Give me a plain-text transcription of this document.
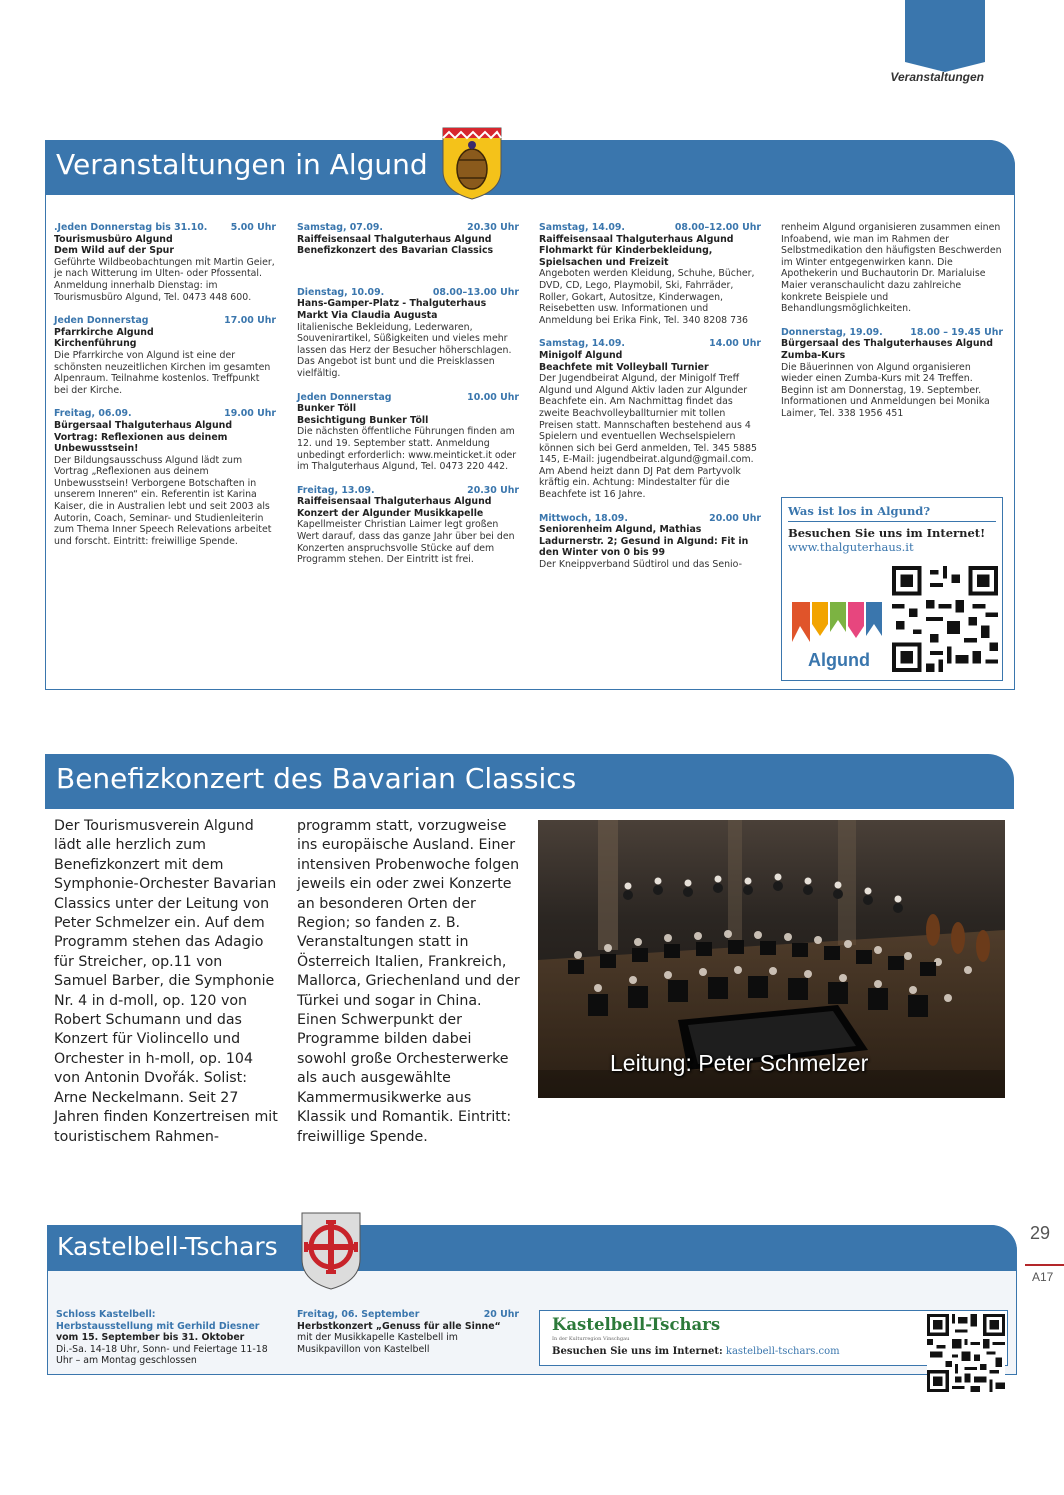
Veranstaltungen
Veranstaltungen in Algund
.Jeden Donnerstag bis 31.10. 5.00 Uhr
Tourismusbüro Algund
Dem Wild auf der Spur
Geführte Wildbeobachtungen mit Martin Geier, je nach Witterung im Ulten- oder Pfossental. Anmeldung innerhalb Dienstag: im Tourismusbüro Algund, Tel. 0473 448 600.
Jeden Donnerstag	17.00 Uhr
Pfarrkirche Algund
Kirchenführung
Die Pfarrkirche von Algund ist eine der schönsten neuzeitlichen Kirchen im gesamten Alpenraum. Teilnahme kostenlos. Treffpunkt bei der Kirche.
Freitag, 06.09.	19.00 Uhr
Bürgersaal Thalguterhaus Algund
Vortrag: Reflexionen aus deinem Unbewusstsein!
Der Bildungsausschuss Algund lädt zum Vortrag „Reflexionen aus deinem Unbewusstsein! Verborgene Botschaften in unserem Inneren“ ein. Referentin ist Karina Kaiser, die in Australien lebt und seit 2003 als Autorin, Coach, Seminar- und Studienleiterin zum Thema Inner Speech Relevations arbeitet und forscht. Eintritt: freiwillige Spende.
Samstag, 07.09.	20.30 Uhr
Raiffeisensaal Thalguterhaus Algund
Benefizkonzert des Bavarian Classics
Dienstag, 10.09.	08.00–13.00 Uhr
Hans-Gamper-Platz - Thalguterhaus
Markt Via Claudia Augusta
Iitalienische Bekleidung, Lederwaren, Souvenirartikel, Süßigkeiten und vieles mehr lassen das Herz der Besucher höherschlagen. Das Angebot ist bunt und die Preisklassen vielfältig.
Jeden Donnerstag	10.00 Uhr
Bunker Töll
Besichtigung Bunker Töll
Die nächsten öffentliche Führungen finden am 12. und 19. September statt. Anmeldung unbedingt erforderlich: www.meinticket.it oder im Thalguterhaus Algund, Tel. 0473 220 442.
Freitag, 13.09.	20.30 Uhr
Raiffeisensaal Thalguterhaus Algund
Konzert der Algunder Musikkapelle
Kapellmeister Christian Laimer legt großen Wert darauf, dass das ganze Jahr über bei den Konzerten anspruchsvolle Stücke auf dem Programm stehen. Der Eintritt ist frei.
Samstag, 14.09.	08.00–12.00 Uhr
Raiffeisensaal Thalguterhaus Algund
Flohmarkt für Kinderbekleidung, Spielsachen und Freizeit
Angeboten werden Kleidung, Schuhe, Bücher, DVD, CD, Lego, Playmobil, Ski, Fahrräder, Roller, Gokart, Autositze, Kinderwagen, Reisebetten usw. Informationen und Anmeldung bei Erika Fink, Tel. 340 8208 736
Samstag, 14.09.	14.00 Uhr
Minigolf Algund
Beachfete mit Volleyball Turnier
Der Jugendbeirat Algund, der Minigolf Treff Algund und Algund Aktiv laden zur Algunder Beachfete ein. Am Nachmittag findet das zweite Beachvolleyballturnier mit tollen Preisen statt. Mannschaften bestehend aus 4 Spielern und eventuellen Wechselspielern können sich bei Gerd anmelden, Tel. 345 5885 145, E-Mail: jugendbeirat.algund@gmail.com. Am Abend heizt dann DJ Pat dem Partyvolk kräftig ein. Achtung: Mindestalter für die Beachfete ist 16 Jahre.
Mittwoch, 18.09.	20.00 Uhr
Seniorenheim Algund, Mathias Ladurnerstr. 2; Gesund in Algund: Fit in den Winter von 0 bis 99
Der Kneippverband Südtirol und das Senio-
renheim Algund organisieren zusammen einen Infoabend, wie man im Rahmen der Selbstmedikation den häufigsten Beschwerden im Winter entgegenwirken kann. Die Apothekerin und Buchautorin Dr. Marialuise Maier veranschaulicht dazu zahlreiche konkrete Beispiele und Behandlungsmöglichkeiten.
Donnerstag, 19.09.	18.00 – 19.45 Uhr
Bürgersaal des Thalguterhauses Algund
Zumba-Kurs
Die Bäuerinnen von Algund organisieren wieder einen Zumba-Kurs mit 24 Treffen. Beginn ist am Donnerstag, 19. September. Informationen und Anmeldungen bei Monika Laimer, Tel. 338 1956 451
Was ist los in Algund?
Besuchen Sie uns im Internet!
www.thalguterhaus.it
Algund
Benefizkonzert des Bavarian Classics
Der Tourismusverein Algund lädt alle herzlich zum Benefizkonzert mit dem Symphonie-Orchester Bavarian Classics unter der Leitung von Peter Schmelzer ein. Auf dem Programm stehen das Adagio für Streicher, op.11 von Samuel Barber, die Symphonie Nr. 4 in d-moll, op. 120 von Robert Schumann und das Konzert für Violincello und Orchester in h-moll, op. 104 von Antonin Dvořák. Solist: Arne Neckelmann. Seit 27 Jahren finden Konzertreisen mit touristischem Rahmen-
programm statt, vorzugweise ins europäische Ausland. Einer intensiven Probenwoche folgen jeweils ein oder zwei Konzerte an besonderen Orten der Region; so fanden z. B. Veranstaltungen statt in Österreich Italien, Frankreich, Mallorca, Griechenland und der Türkei und sogar in China. Einen Schwerpunkt der Programme bilden dabei sowohl große Orchesterwerke als auch ausgewählte Kammermusikwerke aus Klassik und Romantik. Eintritt: freiwillige Spende.
Leitung: Peter Schmelzer
Kastelbell-Tschars
Schloss Kastelbell:
Herbstausstellung mit Gerhild Diesner
vom 15. September bis 31. Oktober
Di.-Sa. 14-18 Uhr, Sonn- und Feiertage 11-18 Uhr – am Montag geschlossen
Freitag, 06. September	20 Uhr
Herbstkonzert „Genuss für alle Sinne“
mit der Musikkapelle Kastelbell im Musikpavillon von Kastelbell
Kastelbell-Tschars
In der Kulturregion Vinschgau
Besuchen Sie uns im Internet: kastelbell-tschars.com
29
A17
